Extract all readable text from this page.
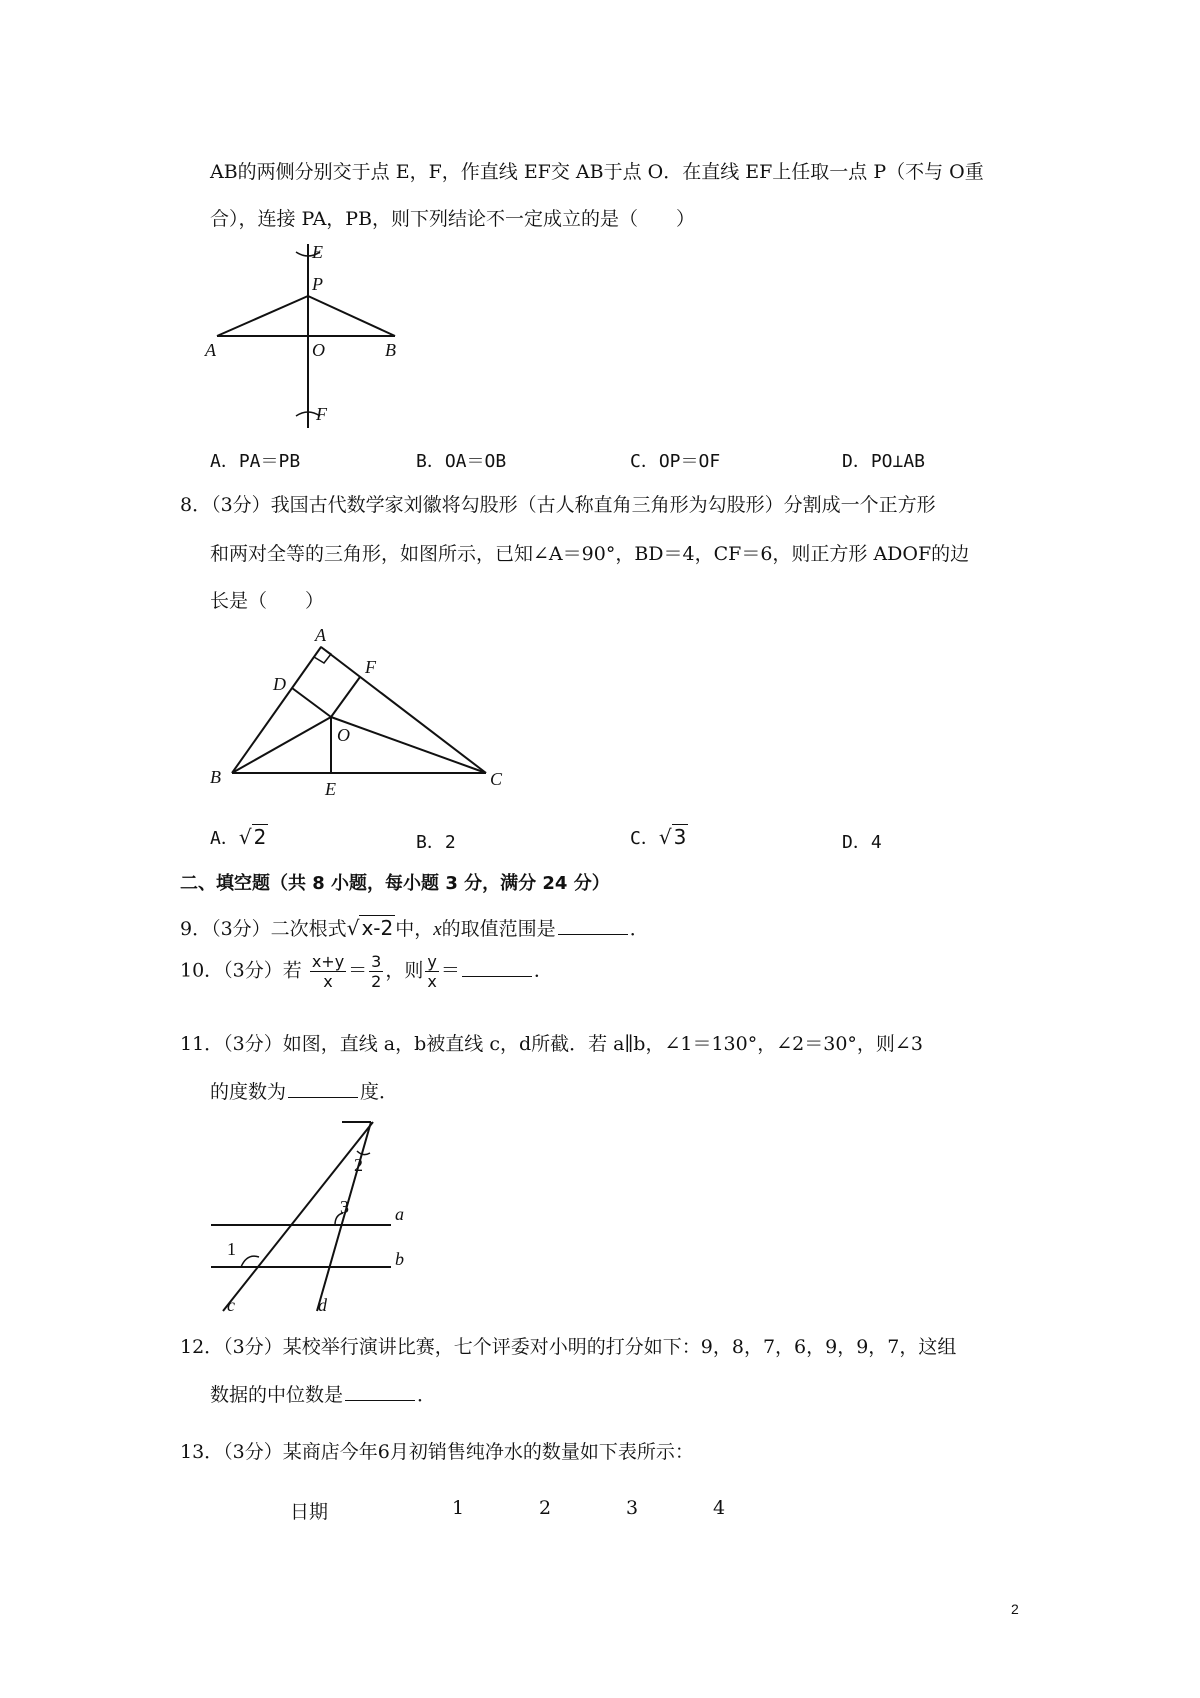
AB的两侧分别交于点 E，F，作直线 EF交 AB于点 O．在直线 EF上任取一点 P（不与 O重
合），连接 PA，PB，则下列结论不一定成立的是（　　）
E
P
A	O	B
F
A．PA＝PB	B．OA＝OB	C．OP＝OF	D．PO⊥AB
8．（3分）我国古代数学家刘徽将勾股形（古人称直角三角形为勾股形）分割成一个正方形
和两对全等的三角形，如图所示，已知∠A＝90°，BD＝4，CF＝6，则正方形 ADOF的边
长是（　　）
A
D
F
O
B
E	C
A．√ 2	B．2	C．√ 3	D．4
二、填空题（共 8 小题，每小题 3 分，满分 24 分）
9．（3分）二次根式√ x-2 中，x的取值范围是	．
10．（3分）若 $\frac{x+y}{x} = \frac{3}{2}$ ，则 $\frac{y}{x}$ ＝	．
11．（3分）如图，直线 a，b被直线 c，d所截．若 a∥b，∠1＝130°，∠2＝30°，则∠3
的度数为	度．
2
3	a
1	b
c	d
12．（3分）某校举行演讲比赛，七个评委对小明的打分如下：9，8，7，6，9，9，7，这组
数据的中位数是	．
13．（3分）某商店今年6月初销售纯净水的数量如下表所示：
日期	1	2	3	4
2
